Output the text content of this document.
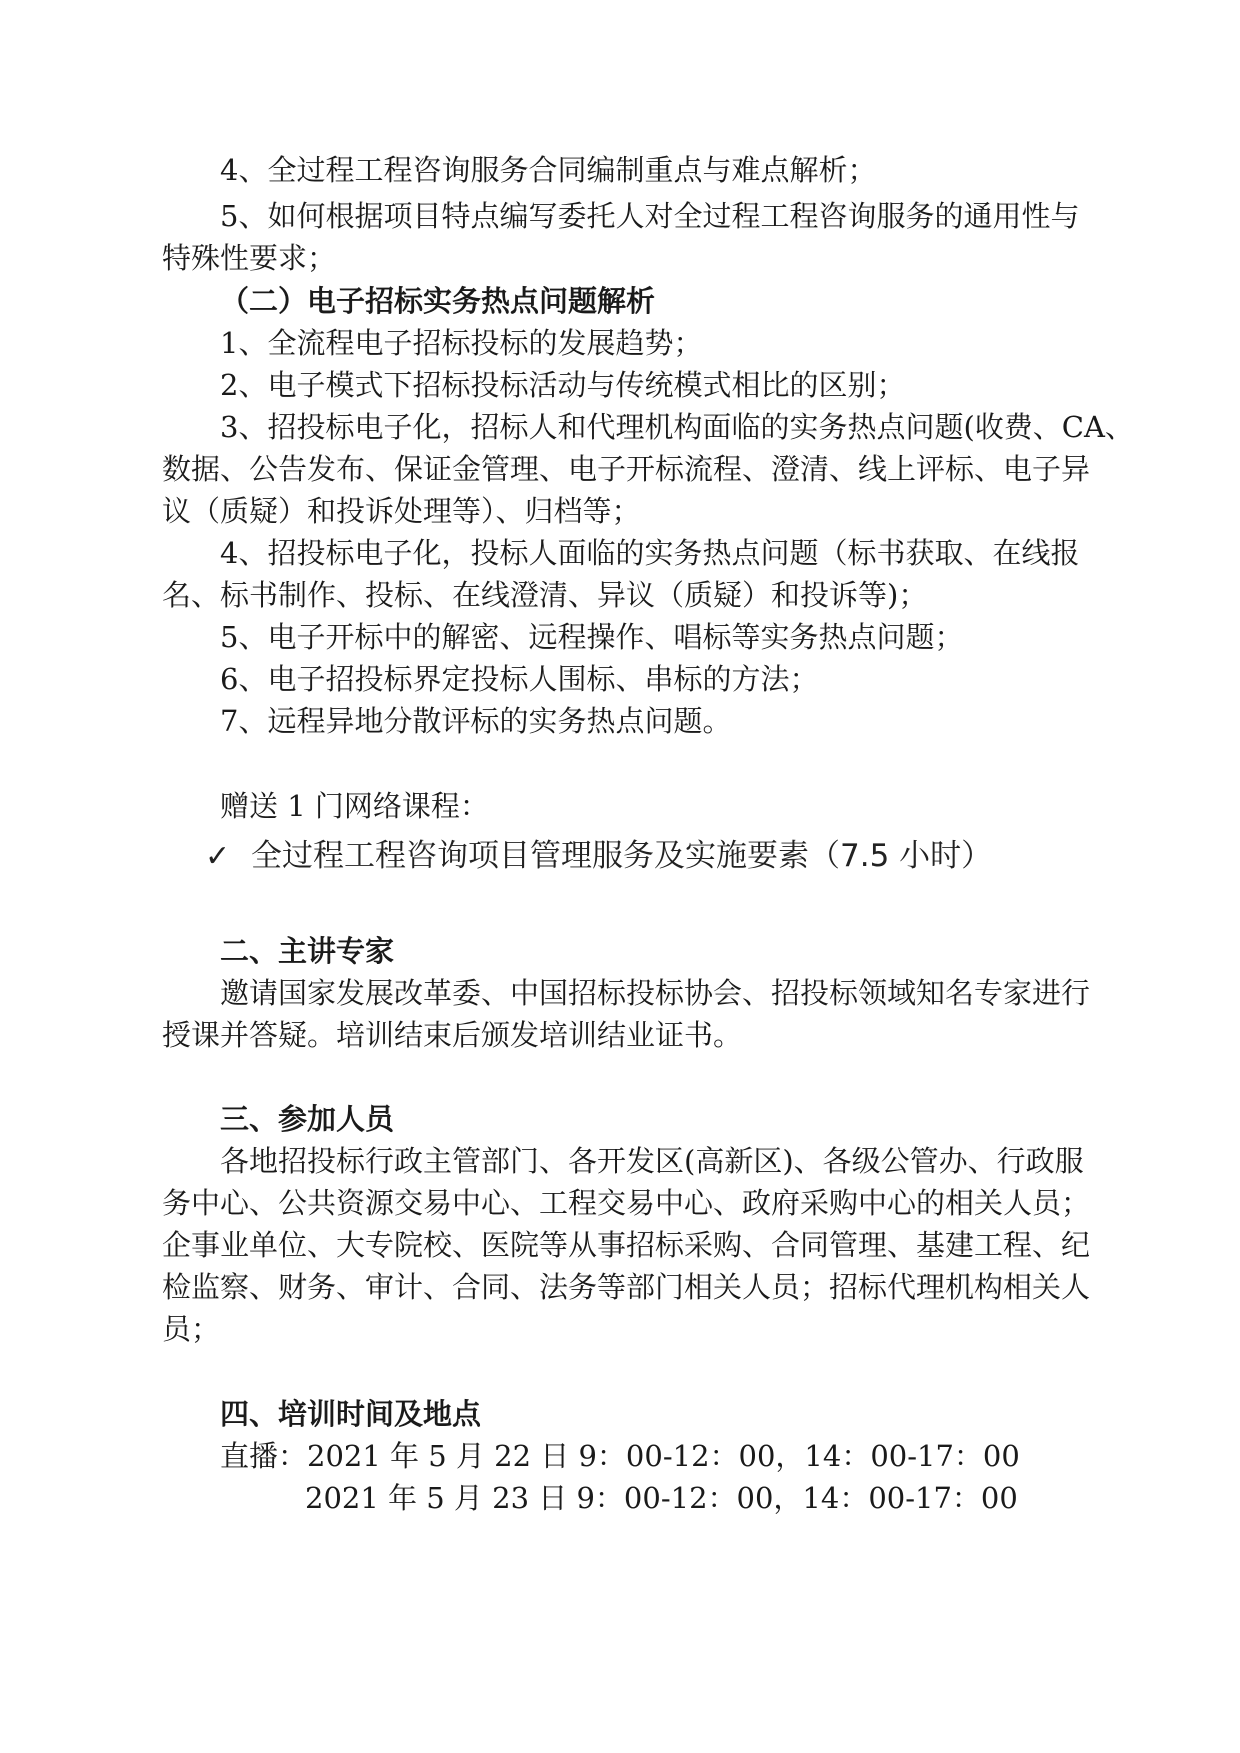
4、全过程工程咨询服务合同编制重点与难点解析；
5、如何根据项目特点编写委托人对全过程工程咨询服务的通用性与
特殊性要求；
（二）电子招标实务热点问题解析
1、全流程电子招标投标的发展趋势；
2、电子模式下招标投标活动与传统模式相比的区别；
3、招投标电子化，招标人和代理机构面临的实务热点问题(收费、CA、
数据、公告发布、保证金管理、电子开标流程、澄清、线上评标、电子异
议（质疑）和投诉处理等）、归档等；
4、招投标电子化，投标人面临的实务热点问题（标书获取、在线报
名、标书制作、投标、在线澄清、异议（质疑）和投诉等)；
5、电子开标中的解密、远程操作、唱标等实务热点问题；
6、电子招投标界定投标人围标、串标的方法；
7、远程异地分散评标的实务热点问题。
赠送 1 门网络课程：
✓ 全过程工程咨询项目管理服务及实施要素（7.5 小时）
二、主讲专家
邀请国家发展改革委、中国招标投标协会、招投标领域知名专家进行
授课并答疑。培训结束后颁发培训结业证书。
三、参加人员
各地招投标行政主管部门、各开发区(高新区)、各级公管办、行政服
务中心、公共资源交易中心、工程交易中心、政府采购中心的相关人员；
企事业单位、大专院校、医院等从事招标采购、合同管理、基建工程、纪
检监察、财务、审计、合同、法务等部门相关人员；招标代理机构相关人
员；
四、培训时间及地点
直播：2021 年 5 月 22 日 9：00-12：00，14：00-17：00
2021 年 5 月 23 日 9：00-12：00，14：00-17：00
